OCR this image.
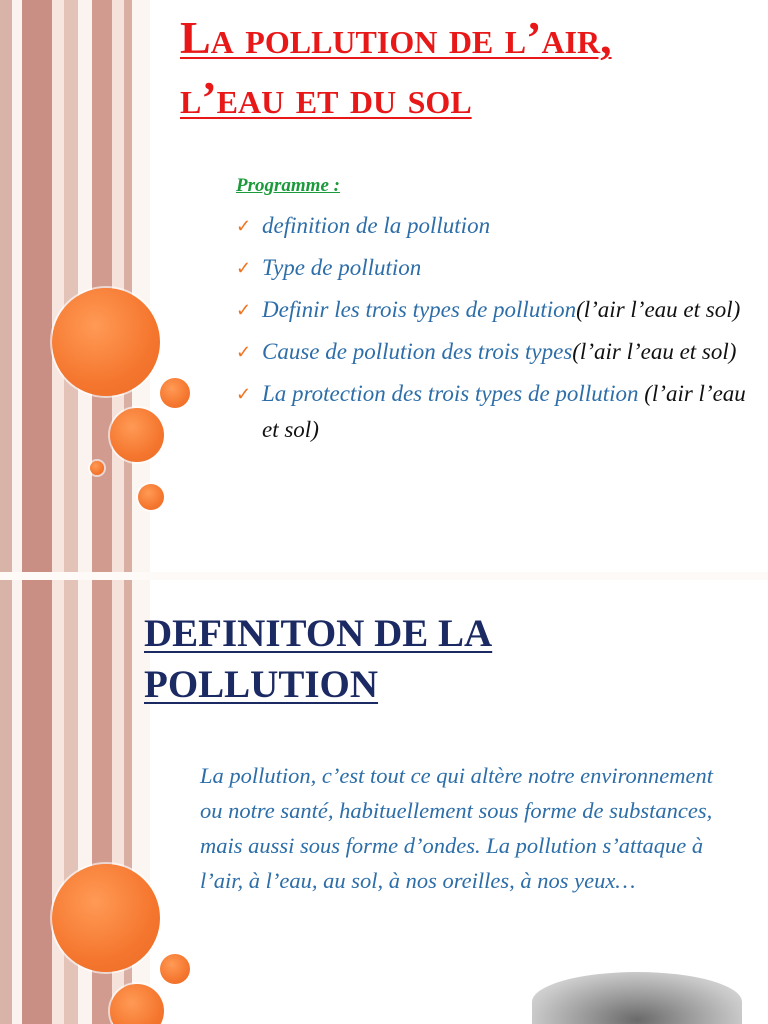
La pollution de l’air, l’eau et du sol

Programme :

✓ definition de la pollution
✓ Type de pollution
✓ Definir les trois types de pollution(l’air l’eau et sol)
✓ Cause de pollution des trois types(l’air l’eau et sol)
✓ La protection des trois types de pollution (l’air l’eau et sol)
DEFINITON DE LA POLLUTION

La pollution, c’est tout ce qui altère notre environnement ou notre santé, habituellement sous forme de substances, mais aussi sous forme d’ondes. La pollution s’attaque à l’air, à l’eau, au sol, à nos oreilles, à nos yeux…
